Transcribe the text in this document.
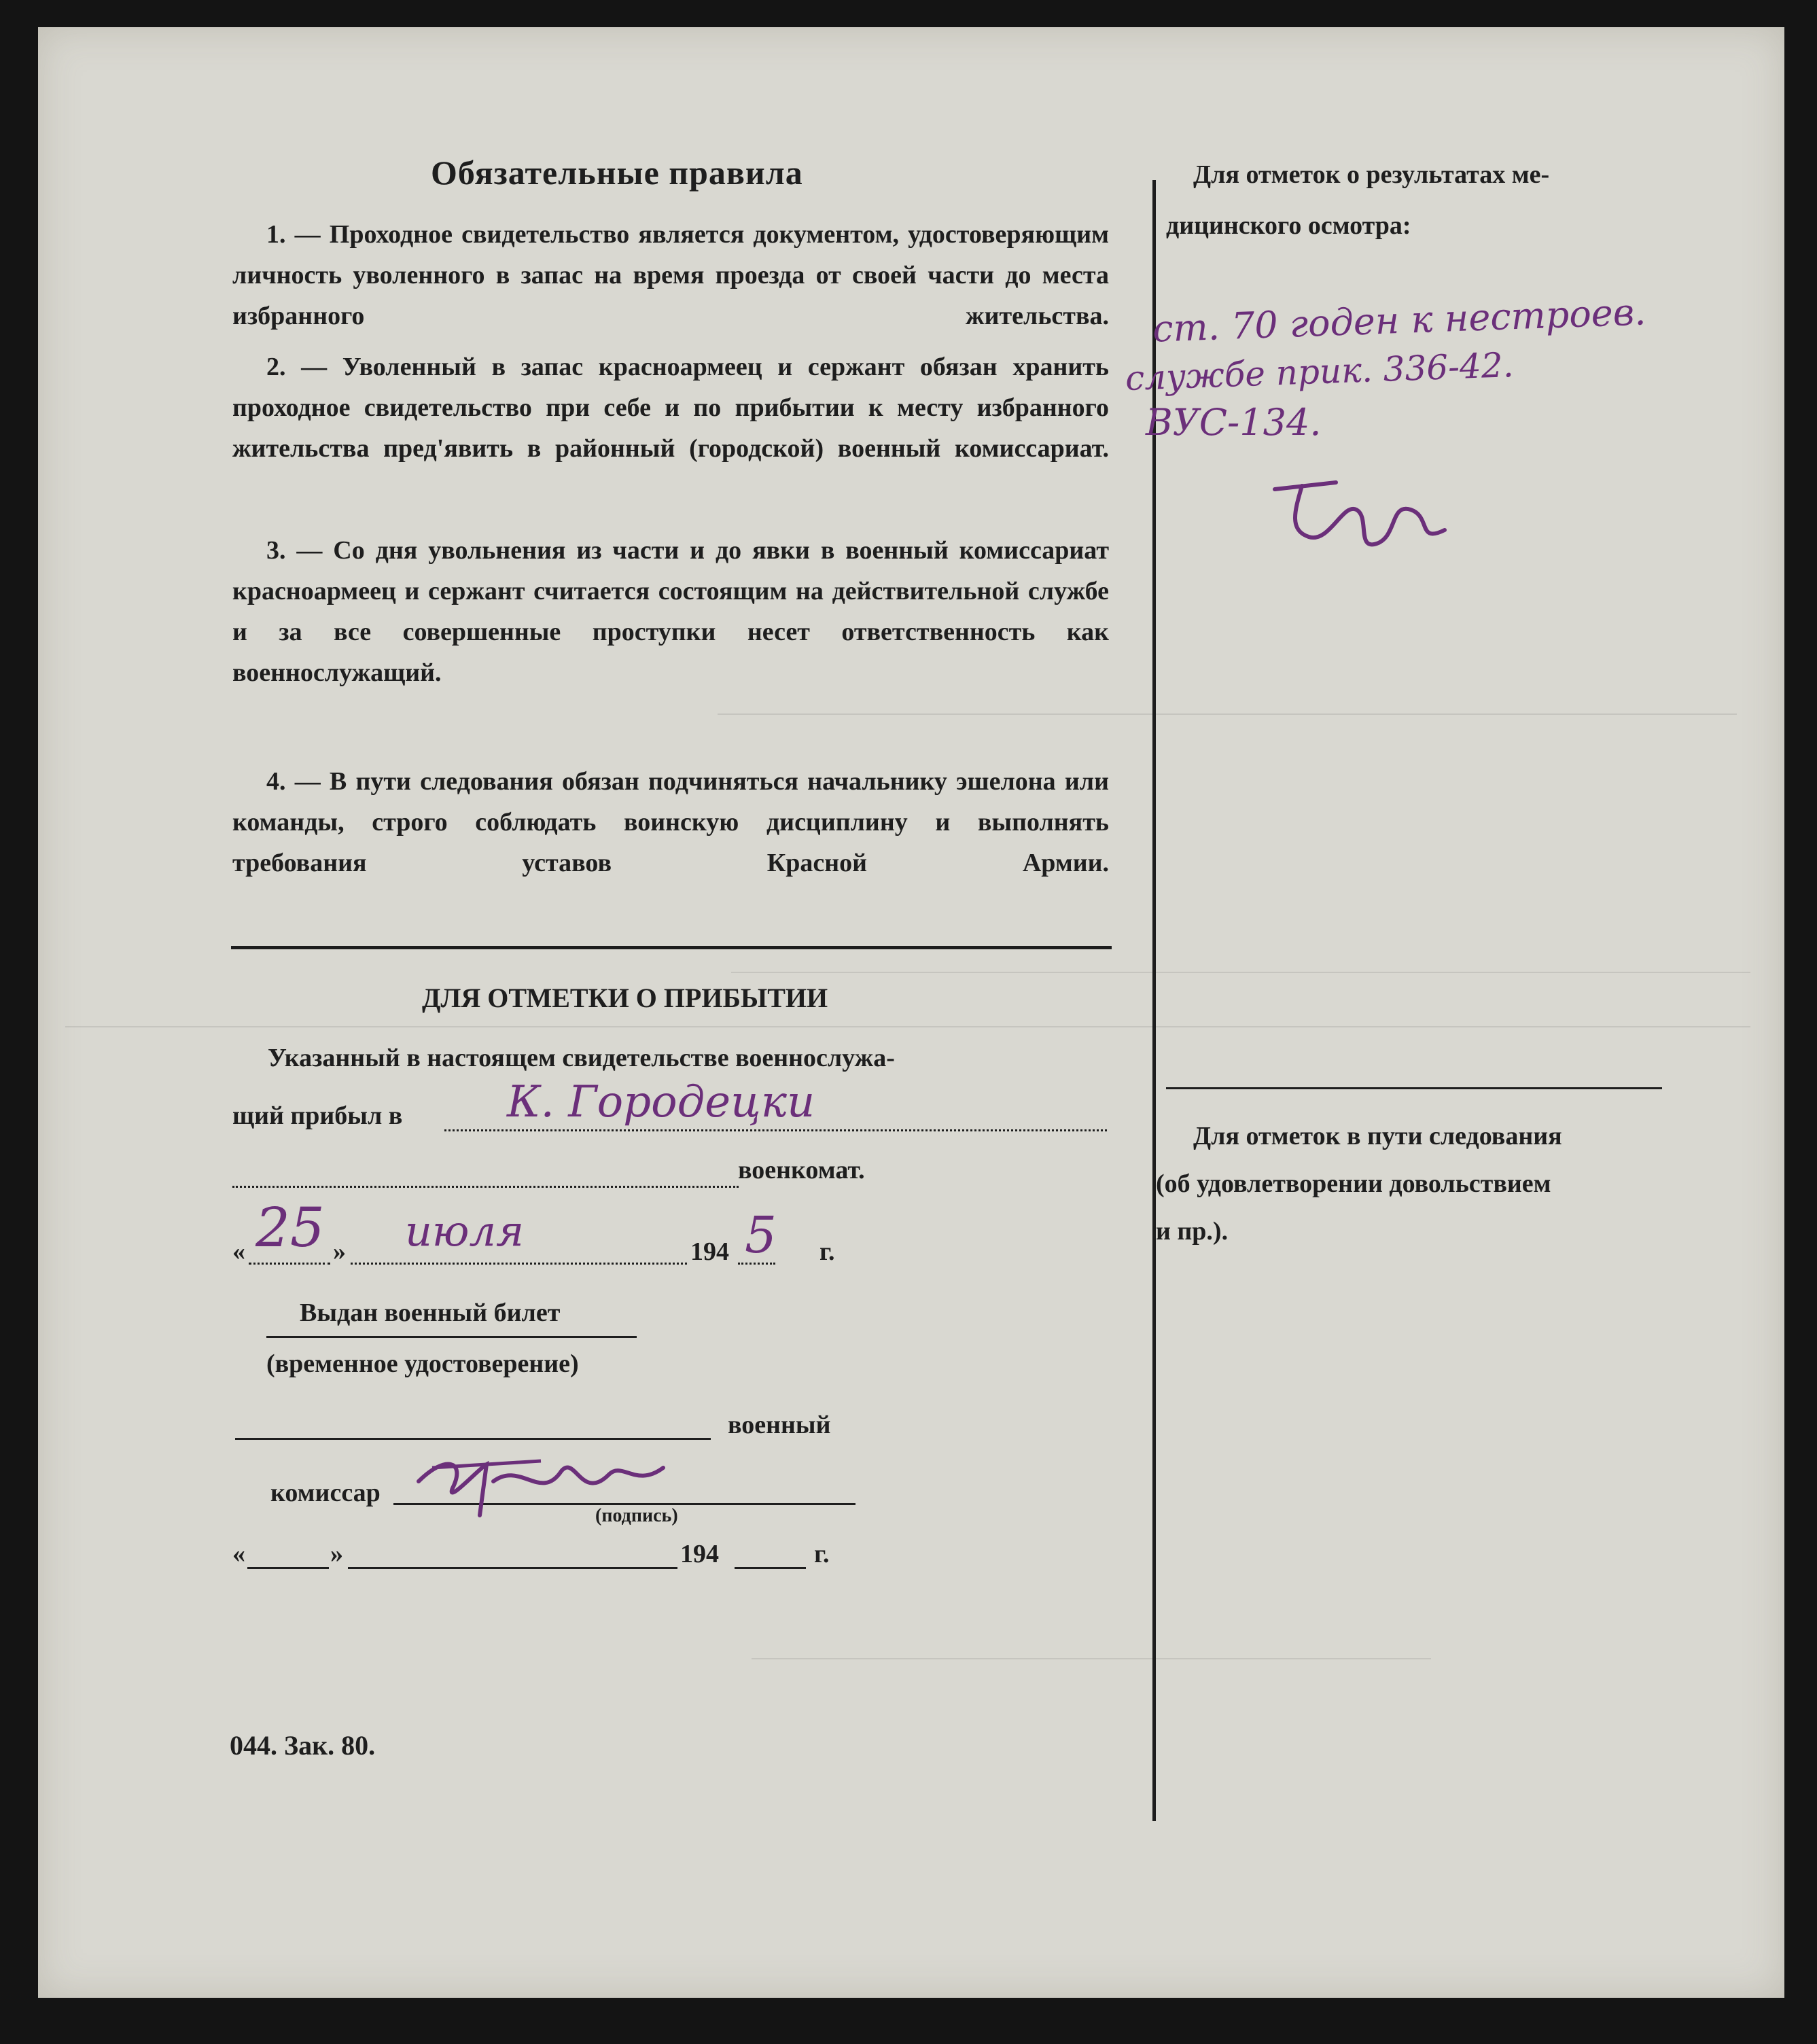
Обязательные правила
1. — Проходное свидетельство является документом, удостоверяющим личность уволенного в запас на время проезда от своей части до места избранного жительства.
2. — Уволенный в запас красноармеец и сержант обязан хранить проходное свидетельство при себе и по прибытии к месту избранного жительства пред'явить в районный (городской) военный комиссариат.
3. — Со дня увольнения из части и до явки в военный комиссариат красноармеец и сержант считается состоящим на действительной службе и за все совершенные проступки несет ответственность как военнослужащий.
4. — В пути следования обязан подчиняться начальнику эшелона или команды, строго соблюдать воинскую дисциплину и выполнять требования уставов Красной Армии.
ДЛЯ ОТМЕТКИ О ПРИБЫТИИ
Указанный в настоящем свидетельстве военнослужа-
щий прибыл в К. Городецки
военкомат.
« 25 » июля	194 5 г.
Выдан военный билет
(временное удостоверение)
военный
комиссар
(подпись)
«	»	194	г.
044. Зак. 80.
Для отметок о результатах ме-
дицинского осмотра:
ст. 70 годен к нестроев.
службе прик. 336-42.
ВУС-134.
Для отметок в пути следования
(об удовлетворении довольствием
и пр.).
